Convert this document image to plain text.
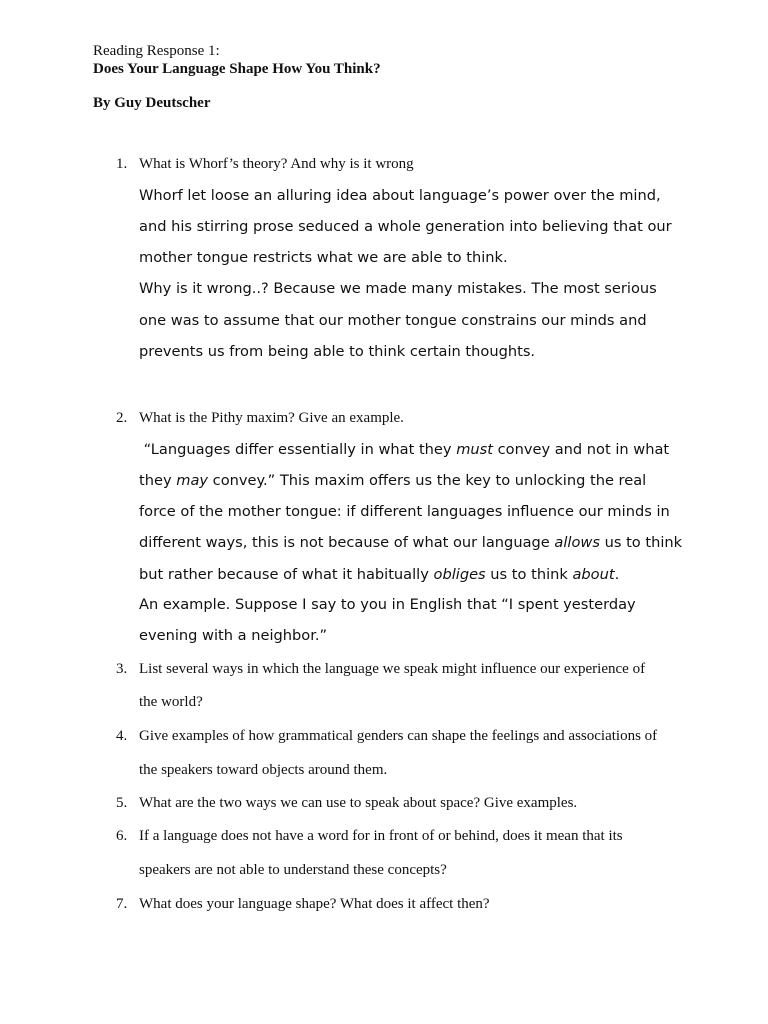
Reading Response 1:
Does Your Language Shape How You Think?
By Guy Deutscher
1. What is Whorf’s theory? And why is it wrong
Whorf let loose an alluring idea about language’s power over the mind,
and his stirring prose seduced a whole generation into believing that our
mother tongue restricts what we are able to think.
Why is it wrong..? Because we made many mistakes. The most serious
one was to assume that our mother tongue constrains our minds and
prevents us from being able to think certain thoughts.
2. What is the Pithy maxim? Give an example.
“Languages differ essentially in what they must convey and not in what
they may convey.” This maxim offers us the key to unlocking the real
force of the mother tongue: if different languages influence our minds in
different ways, this is not because of what our language allows us to think
but rather because of what it habitually obliges us to think about.
An example. Suppose I say to you in English that “I spent yesterday
evening with a neighbor.”
3. List several ways in which the language we speak might influence our experience of
the world?
4. Give examples of how grammatical genders can shape the feelings and associations of
the speakers toward objects around them.
5. What are the two ways we can use to speak about space? Give examples.
6. If a language does not have a word for in front of or behind, does it mean that its
speakers are not able to understand these concepts?
7. What does your language shape? What does it affect then?
